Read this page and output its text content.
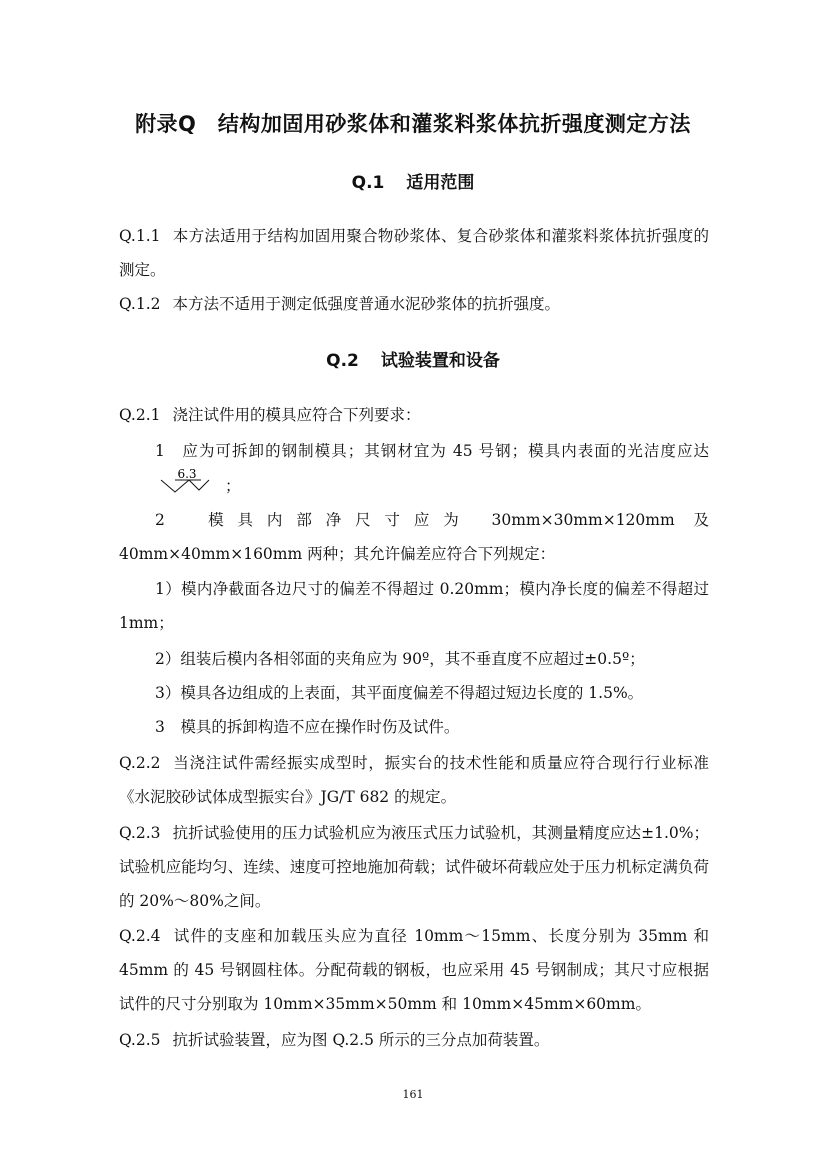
附录Q　结构加固用砂浆体和灌浆料浆体抗折强度测定方法
Q.1 适用范围
Q.1.1 本方法适用于结构加固用聚合物砂浆体、复合砂浆体和灌浆料浆体抗折强度的测定。
Q.1.2 本方法不适用于测定低强度普通水泥砂浆体的抗折强度。
Q.2 试验装置和设备
Q.2.1 浇注试件用的模具应符合下列要求：
1　应为可拆卸的钢制模具；其钢材宜为 45 号钢；模具内表面的光洁度应达
6.3
；
2　模具内部净尺寸应为 30mm×30mm×120mm 及 40mm×40mm×160mm 两种；其允许偏差应符合下列规定：
1）模内净截面各边尺寸的偏差不得超过 0.20mm；模内净长度的偏差不得超过 1mm；
2）组装后模内各相邻面的夹角应为 90º，其不垂直度不应超过±0.5º；
3）模具各边组成的上表面，其平面度偏差不得超过短边长度的 1.5%。
3　模具的拆卸构造不应在操作时伤及试件。
Q.2.2 当浇注试件需经振实成型时，振实台的技术性能和质量应符合现行行业标准《水泥胶砂试体成型振实台》JG/T 682 的规定。
Q.2.3 抗折试验使用的压力试验机应为液压式压力试验机，其测量精度应达±1.0%；试验机应能均匀、连续、速度可控地施加荷载；试件破坏荷载应处于压力机标定满负荷的 20%～80%之间。
Q.2.4 试件的支座和加载压头应为直径 10mm～15mm、长度分别为 35mm 和 45mm 的 45 号钢圆柱体。分配荷载的钢板，也应采用 45 号钢制成；其尺寸应根据试件的尺寸分别取为 10mm×35mm×50mm 和 10mm×45mm×60mm。
Q.2.5 抗折试验装置，应为图 Q.2.5 所示的三分点加荷装置。
161
